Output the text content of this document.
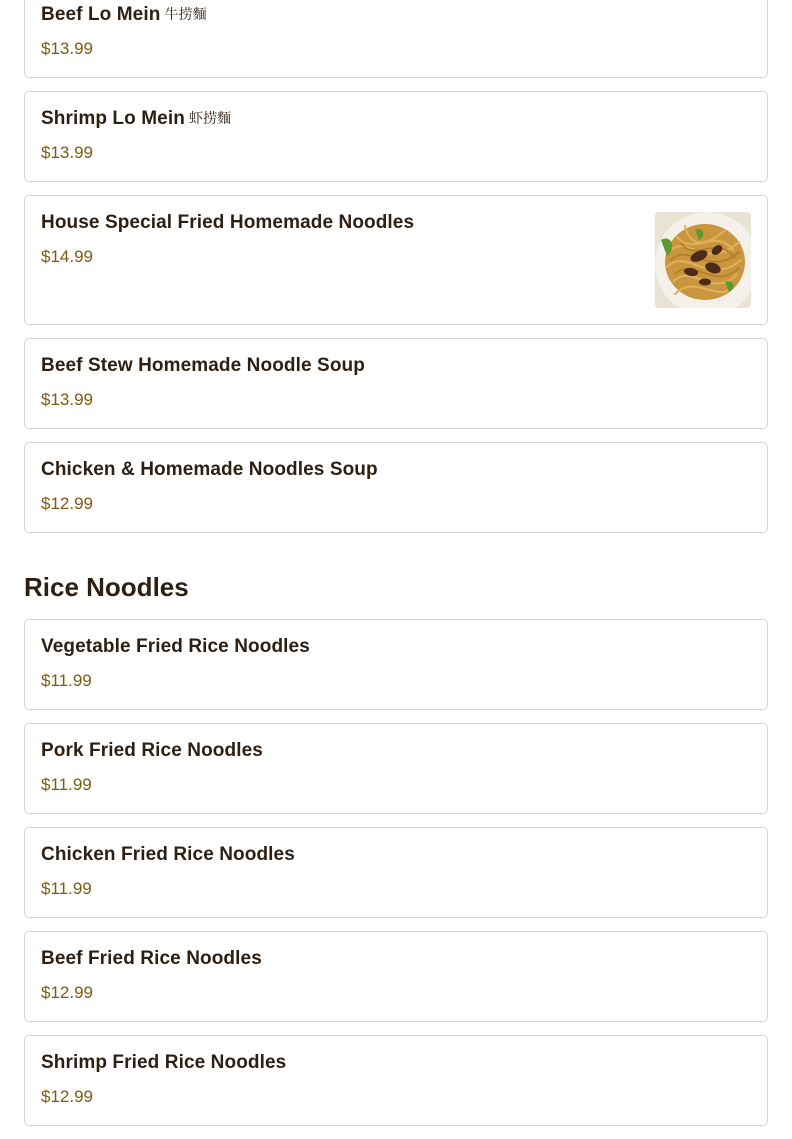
Beef Lo Mein 牛捞麵
$13.99
Shrimp Lo Mein 虾捞麵
$13.99
House Special Fried Homemade Noodles
$14.99
Beef Stew Homemade Noodle Soup
$13.99
Chicken & Homemade Noodles Soup
$12.99
Rice Noodles
Vegetable Fried Rice Noodles
$11.99
Pork Fried Rice Noodles
$11.99
Chicken Fried Rice Noodles
$11.99
Beef Fried Rice Noodles
$12.99
Shrimp Fried Rice Noodles
$12.99
